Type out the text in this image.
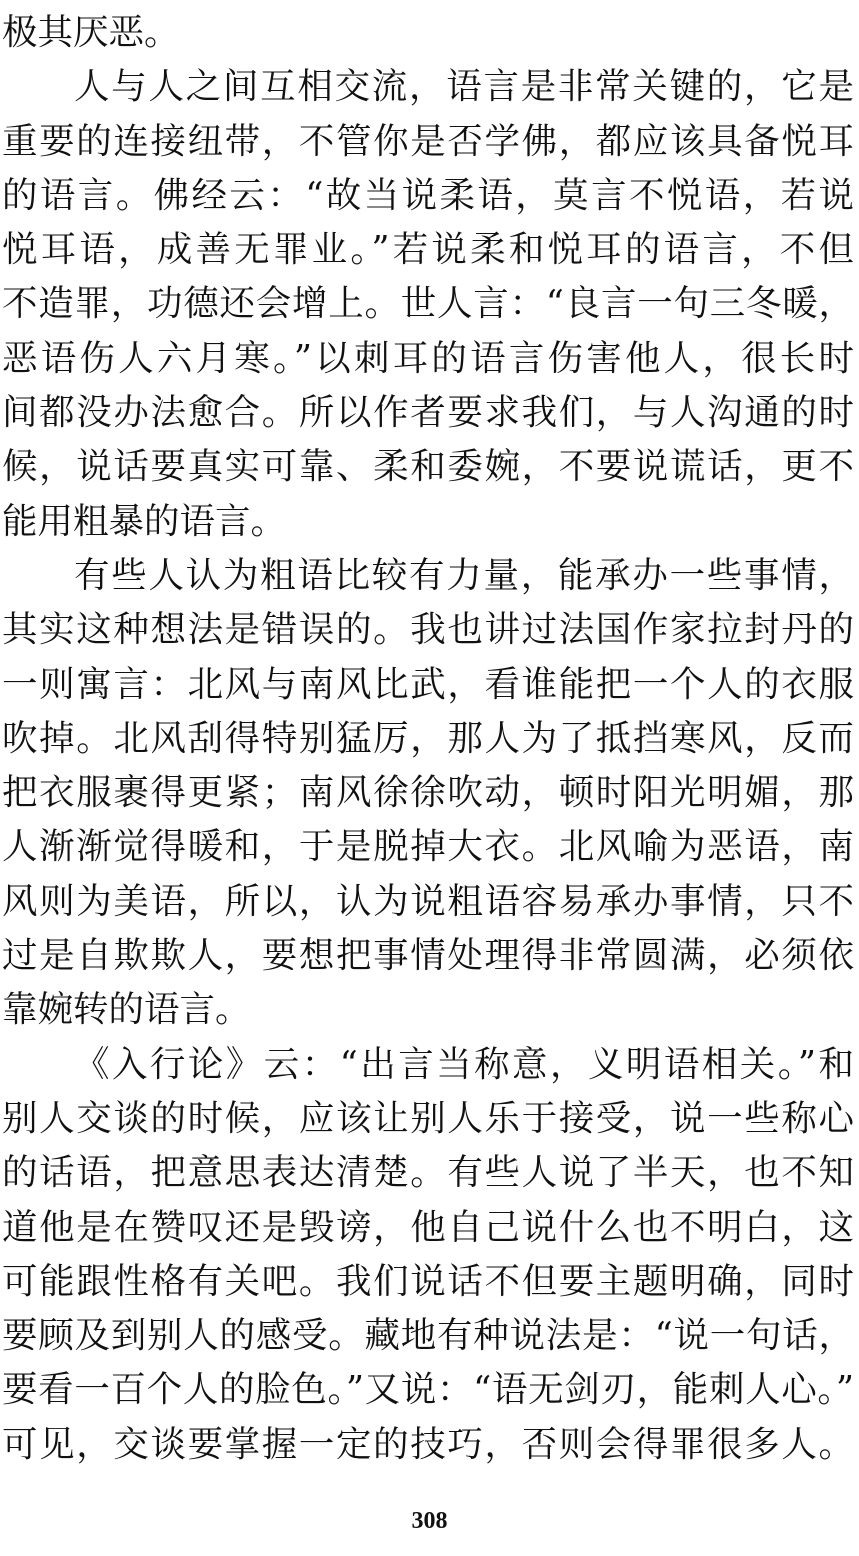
极其厌恶。
人与人之间互相交流，语言是非常关键的，它是
重要的连接纽带，不管你是否学佛，都应该具备悦耳
的语言。佛经云：“故当说柔语，莫言不悦语，若说
悦耳语，成善无罪业。”若说柔和悦耳的语言，不但
不造罪，功德还会增上。世人言：“良言一句三冬暖，
恶语伤人六月寒。”以刺耳的语言伤害他人，很长时
间都没办法愈合。所以作者要求我们，与人沟通的时
候，说话要真实可靠、柔和委婉，不要说谎话，更不
能用粗暴的语言。
有些人认为粗语比较有力量，能承办一些事情，
其实这种想法是错误的。我也讲过法国作家拉封丹的
一则寓言：北风与南风比武，看谁能把一个人的衣服
吹掉。北风刮得特别猛厉，那人为了抵挡寒风，反而
把衣服裹得更紧；南风徐徐吹动，顿时阳光明媚，那
人渐渐觉得暖和，于是脱掉大衣。北风喻为恶语，南
风则为美语，所以，认为说粗语容易承办事情，只不
过是自欺欺人，要想把事情处理得非常圆满，必须依
靠婉转的语言。
《入行论》云：“出言当称意，义明语相关。”和
别人交谈的时候，应该让别人乐于接受，说一些称心
的话语，把意思表达清楚。有些人说了半天，也不知
道他是在赞叹还是毁谤，他自己说什么也不明白，这
可能跟性格有关吧。我们说话不但要主题明确，同时
要顾及到别人的感受。藏地有种说法是：“说一句话，
要看一百个人的脸色。”又说：“语无剑刃，能刺人心。”
可见，交谈要掌握一定的技巧，否则会得罪很多人。
308
